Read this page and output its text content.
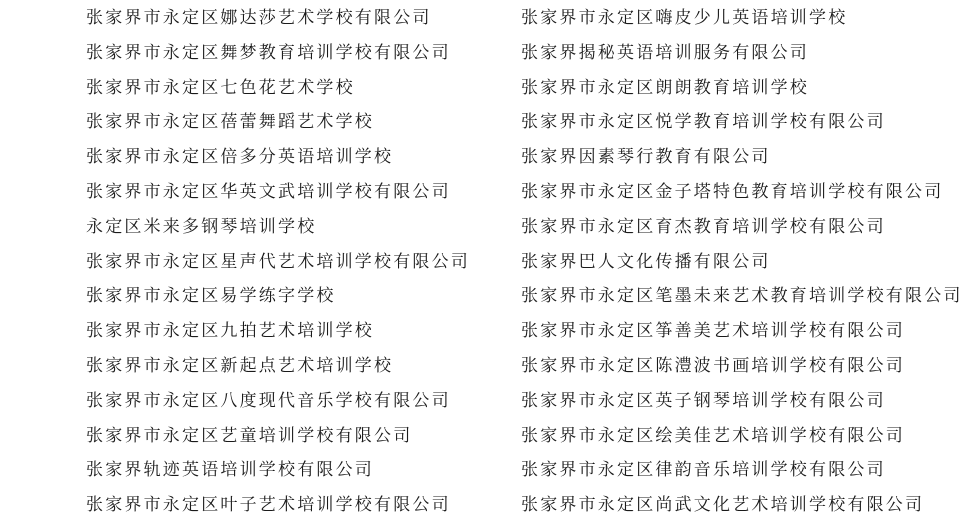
张家界市永定区娜达莎艺术学校有限公司
张家界市永定区舞梦教育培训学校有限公司
张家界市永定区七色花艺术学校
张家界市永定区蓓蕾舞蹈艺术学校
张家界市永定区倍多分英语培训学校
张家界市永定区华英文武培训学校有限公司
永定区米来多钢琴培训学校
张家界市永定区星声代艺术培训学校有限公司
张家界市永定区易学练字学校
张家界市永定区九拍艺术培训学校
张家界市永定区新起点艺术培训学校
张家界市永定区八度现代音乐学校有限公司
张家界市永定区艺童培训学校有限公司
张家界轨迹英语培训学校有限公司
张家界市永定区叶子艺术培训学校有限公司
张家界市永定区嗨皮少儿英语培训学校
张家界揭秘英语培训服务有限公司
张家界市永定区朗朗教育培训学校
张家界市永定区悦学教育培训学校有限公司
张家界因素琴行教育有限公司
张家界市永定区金子塔特色教育培训学校有限公司
张家界市永定区育杰教育培训学校有限公司
张家界巴人文化传播有限公司
张家界市永定区笔墨未来艺术教育培训学校有限公司
张家界市永定区筝善美艺术培训学校有限公司
张家界市永定区陈澧波书画培训学校有限公司
张家界市永定区英子钢琴培训学校有限公司
张家界市永定区绘美佳艺术培训学校有限公司
张家界市永定区律韵音乐培训学校有限公司
张家界市永定区尚武文化艺术培训学校有限公司
